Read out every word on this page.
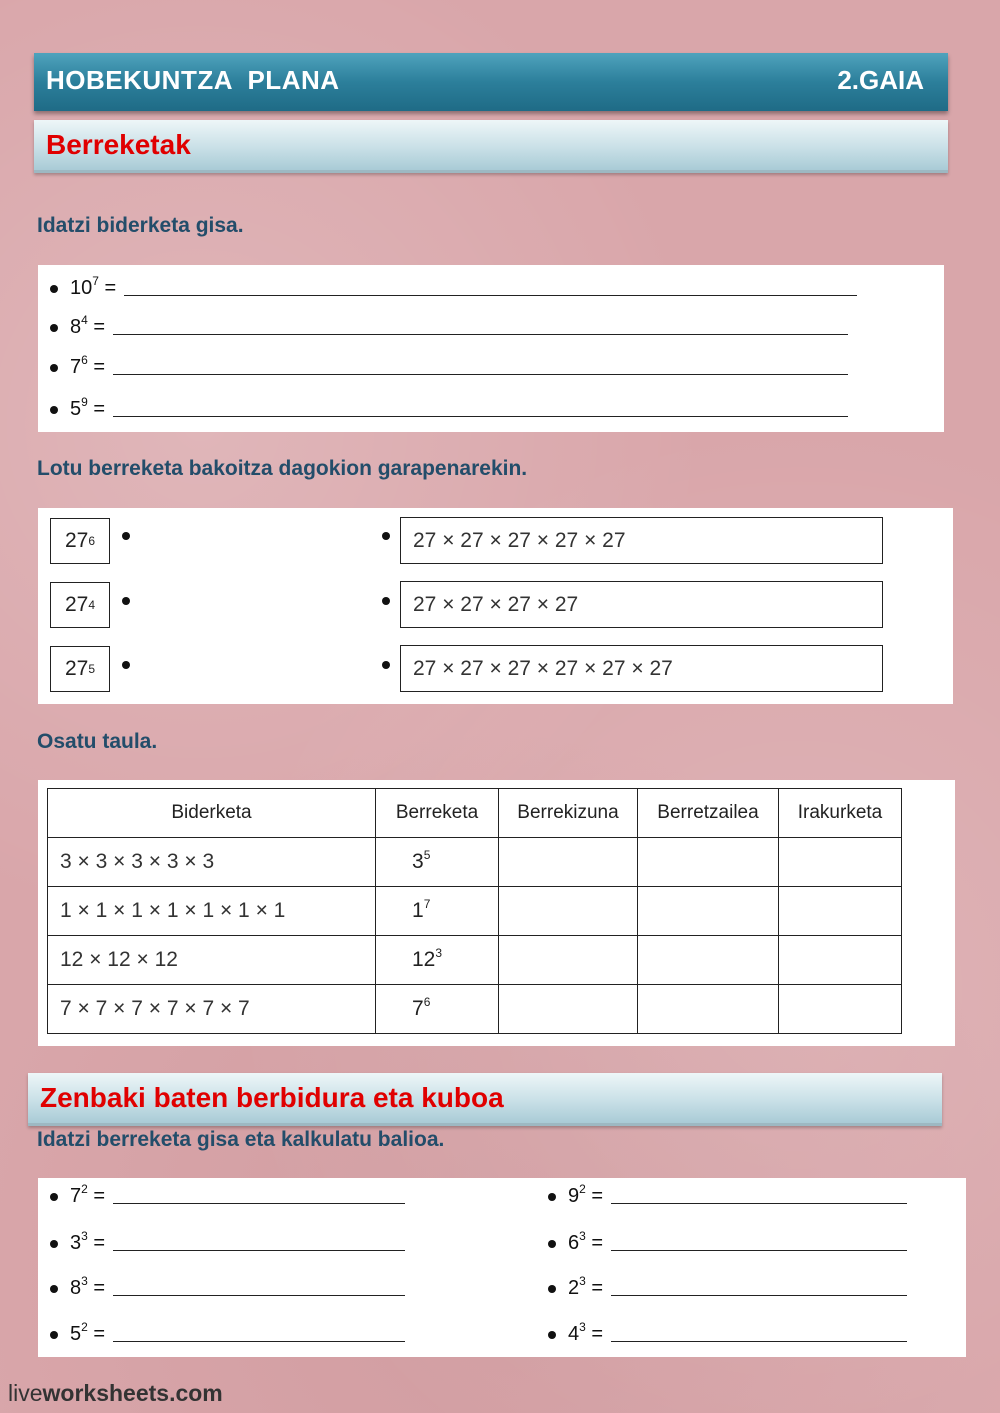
HOBEKUNTZA  PLANA	2.GAIA
Berreketak
Idatzi biderketa gisa.
$10^7$ =
$8^4$ =
$7^6$ =
$5^9$ =
Lotu berreketa bakoitza dagokion garapenarekin.
27 6
27 4
27 5
27 × 27 × 27 × 27 × 27
27 × 27 × 27 × 27
27 × 27 × 27 × 27 × 27 × 27
Osatu taula.
Biderketa	Berreketa	Berrekizuna	Berretzailea	Irakurketa
3 × 3 × 3 × 3 × 3	$3^5$			
1 × 1 × 1 × 1 × 1 × 1 × 1	$1^7$			
12 × 12 × 12	$12^3$			
7 × 7 × 7 × 7 × 7 × 7	$7^6$			
Zenbaki baten berbidura eta kuboa
Idatzi berreketa gisa eta kalkulatu balioa.
$7^2$ =
$3^3$ =
$8^3$ =
$5^2$ =
$9^2$ =
$6^3$ =
$2^3$ =
$4^3$ =
liveworksheets.com
